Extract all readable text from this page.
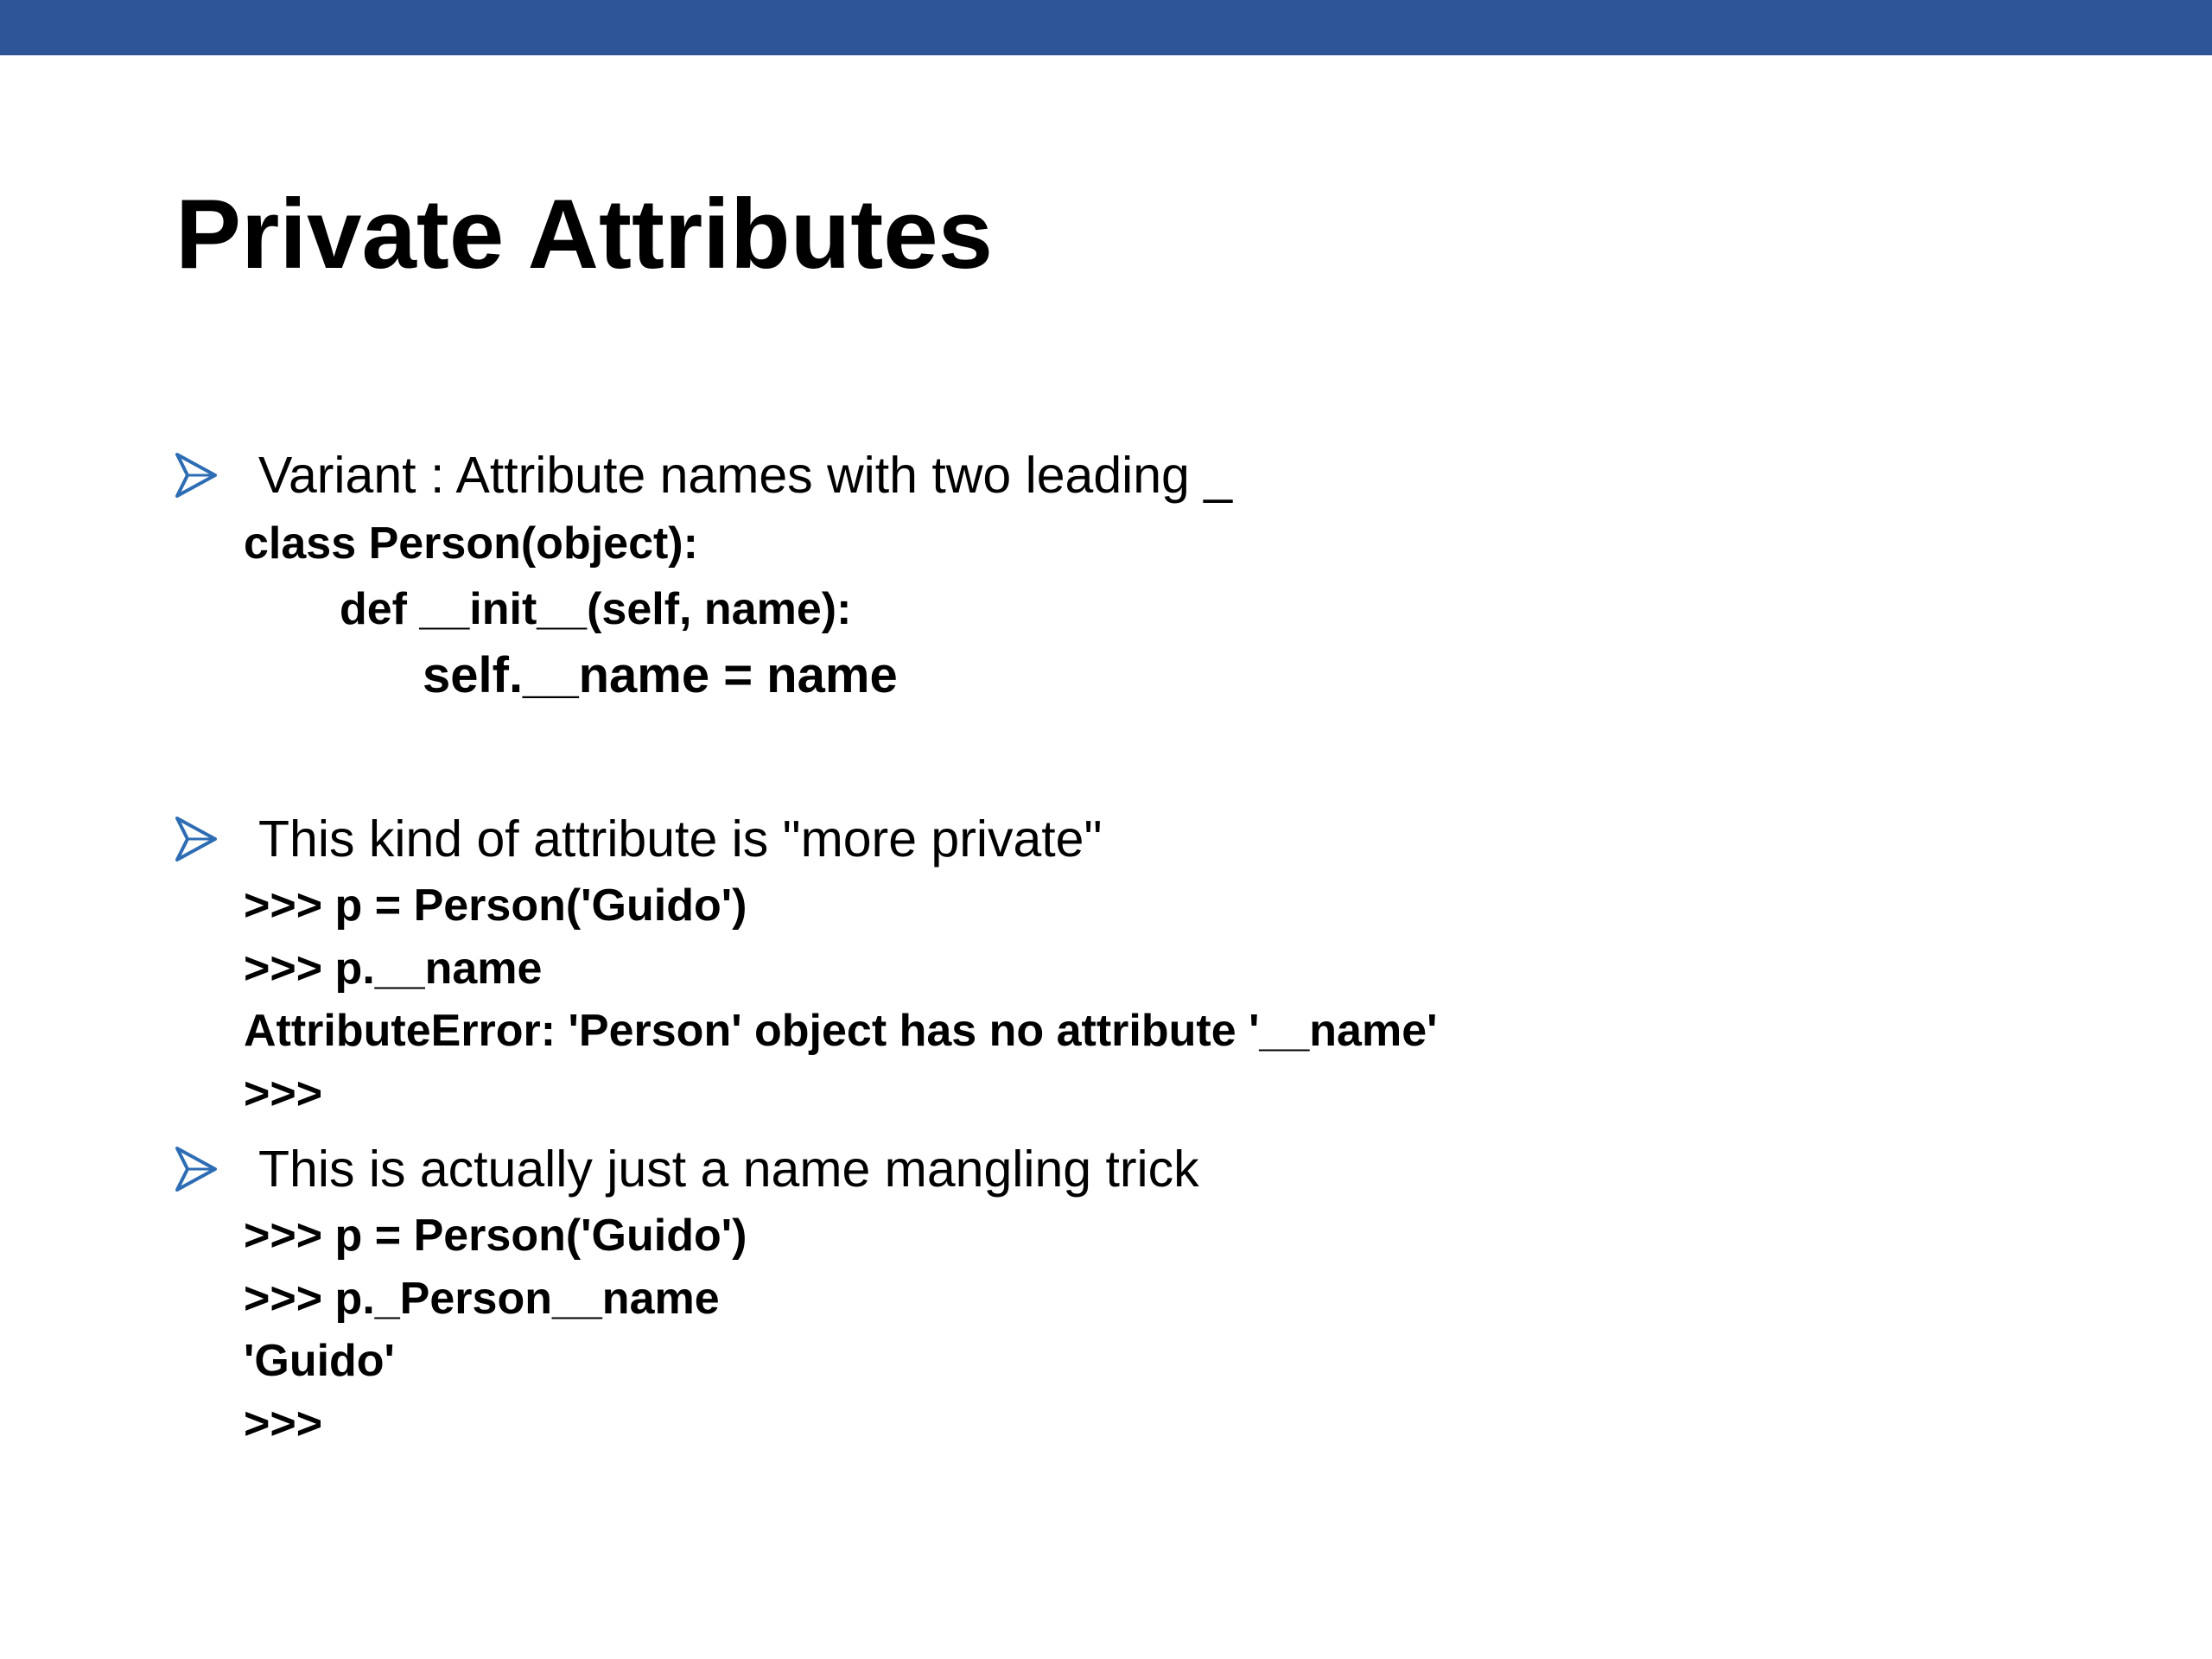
Private Attributes
Variant : Attribute names with two leading _

class Person(object):

def __init__(self, name):

self.__name = name

This kind of attribute is "more private"

>>> p = Person('Guido')

>>> p.__name

AttributeError: 'Person' object has no attribute '__name'

>>>

This is actually just a name mangling trick

>>> p = Person('Guido')

>>> p._Person__name

'Guido'

>>>
